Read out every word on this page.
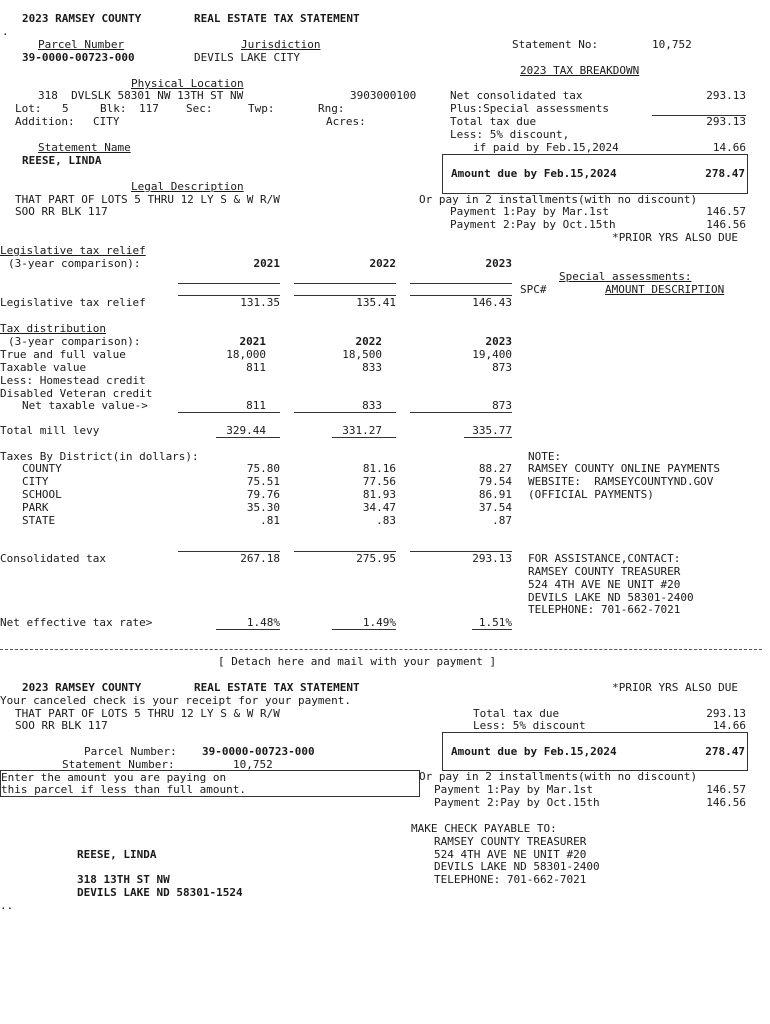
2023 RAMSEY COUNTY	REAL ESTATE TAX STATEMENT
.
Parcel Number
39-0000-00723-000
Jurisdiction
DEVILS LAKE CITY
Statement No:	10,752
Physical Location
318  DVLSLK 58301 NW 13TH ST NW	3903000100
Lot: 5	Blk: 117 Sec:	Twp:	Rng:
Addition: CITY	Acres:
2023 TAX BREAKDOWN
Net consolidated tax	293.13
Plus:Special assessments
Total tax due	293.13
Less: 5% discount,
if paid by Feb.15,2024	14.66
Amount due by Feb.15,2024	278.47
Or pay in 2 installments(with no discount)
Payment 1:Pay by Mar.1st	146.57
Payment 2:Pay by Oct.15th	146.56
*PRIOR YRS ALSO DUE
Statement Name
REESE, LINDA
Legal Description
THAT PART OF LOTS 5 THRU 12 LY S & W R/W
SOO RR BLK 117
Legislative tax relief
(3-year comparison):	2021	2022	2023
Legislative tax relief	131.35	135.41	146.43
Special assessments:
SPC#	AMOUNT DESCRIPTION
Tax distribution
(3-year comparison):	2021	2022	2023
True and full value	18,000	18,500	19,400
Taxable value	811	833	873
Less: Homestead credit
Disabled Veteran credit
Net taxable value->	811	833	873
Total mill levy	329.44	331.27	335.77
Taxes By District(in dollars):
COUNTY	75.80	81.16	88.27
CITY	75.51	77.56	79.54
SCHOOL	79.76	81.93	86.91
PARK	35.30	34.47	37.54
STATE	.81	.83	.87
Consolidated tax	267.18	275.95	293.13
Net effective tax rate>	1.48%	1.49%	1.51%
NOTE:
RAMSEY COUNTY ONLINE PAYMENTS
WEBSITE:  RAMSEYCOUNTYND.GOV
(OFFICIAL PAYMENTS)
FOR ASSISTANCE,CONTACT:
RAMSEY COUNTY TREASURER
524 4TH AVE NE UNIT #20
DEVILS LAKE ND 58301-2400
TELEPHONE: 701-662-7021
[ Detach here and mail with your payment ]
2023 RAMSEY COUNTY	REAL ESTATE TAX STATEMENT	*PRIOR YRS ALSO DUE
Your canceled check is your receipt for your payment.
THAT PART OF LOTS 5 THRU 12 LY S & W R/W
SOO RR BLK 117
Total tax due	293.13
Less: 5% discount	14.66
Parcel Number: 39-0000-00723-000
Statement Number:	10,752
Amount due by Feb.15,2024	278.47
Enter the amount you are paying on
this parcel if less than full amount.
Or pay in 2 installments(with no discount)
Payment 1:Pay by Mar.1st	146.57
Payment 2:Pay by Oct.15th	146.56
MAKE CHECK PAYABLE TO:
RAMSEY COUNTY TREASURER
524 4TH AVE NE UNIT #20
DEVILS LAKE ND 58301-2400
TELEPHONE: 701-662-7021
REESE, LINDA
318 13TH ST NW
DEVILS LAKE ND 58301-1524
..
